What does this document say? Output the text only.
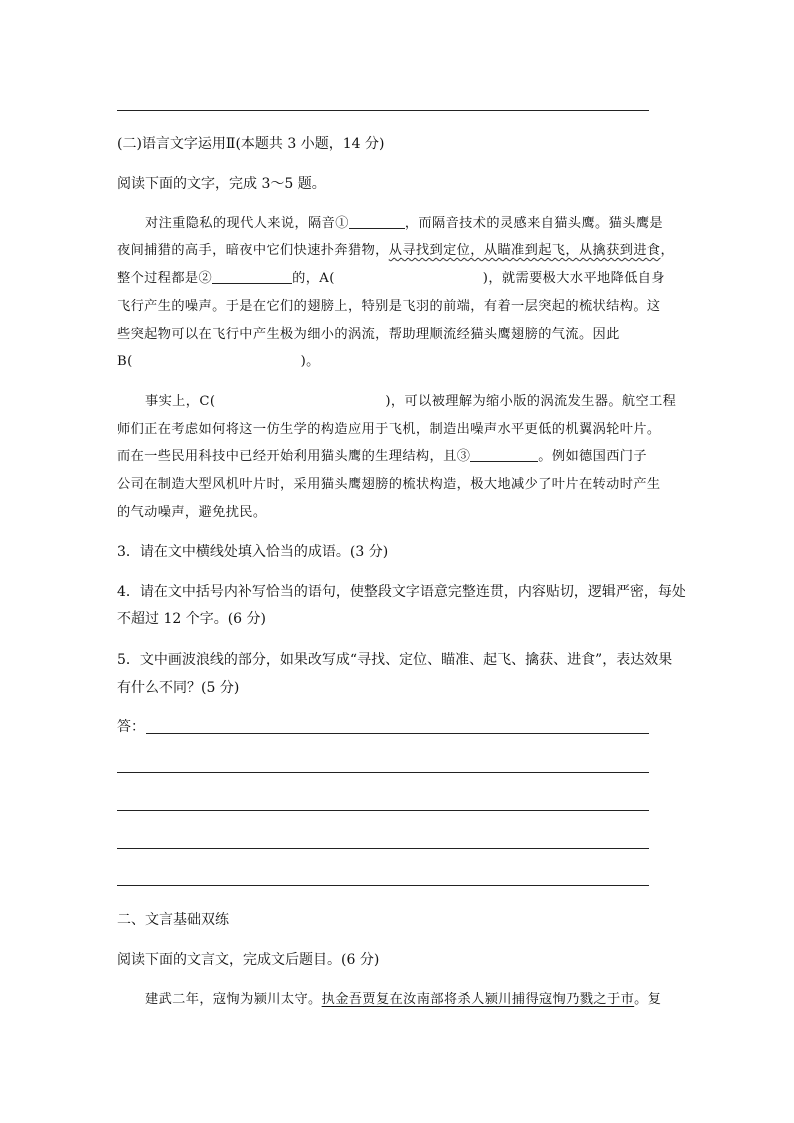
(二)语言文字运用Ⅱ(本题共 3 小题，14 分)
阅读下面的文字，完成 3～5 题。
对注重隐私的现代人来说，隔音①	，而隔音技术的灵感来自猫头鹰。猫头鹰是
夜间捕猎的高手，暗夜中它们快速扑奔猎物，从寻找到定位，从瞄准到起飞，从擒获到进食，
整个过程都是②	的，A(	)，就需要极大水平地降低自身
飞行产生的噪声。于是在它们的翅膀上，特别是飞羽的前端，有着一层突起的梳状结构。这
些突起物可以在飞行中产生极为细小的涡流，帮助理顺流经猫头鹰翅膀的气流。因此
B(	)。
事实上，C(	)，可以被理解为缩小版的涡流发生器。航空工程
师们正在考虑如何将这一仿生学的构造应用于飞机，制造出噪声水平更低的机翼涡轮叶片。
而在一些民用科技中已经开始利用猫头鹰的生理结构，且③	。例如德国西门子
公司在制造大型风机叶片时，采用猫头鹰翅膀的梳状构造，极大地减少了叶片在转动时产生
的气动噪声，避免扰民。
3．请在文中横线处填入恰当的成语。(3 分)
4．请在文中括号内补写恰当的语句，使整段文字语意完整连贯，内容贴切，逻辑严密，每处
不超过 12 个字。(6 分)
5．文中画波浪线的部分，如果改写成“寻找、定位、瞄准、起飞、擒获、进食”，表达效果
有什么不同？(5 分)
答：
二、文言基础双练
阅读下面的文言文，完成文后题目。(6 分)
建武二年，寇恂为颍川太守。执金吾贾复在汝南部将杀人颍川捕得寇恂乃戮之于市。复
